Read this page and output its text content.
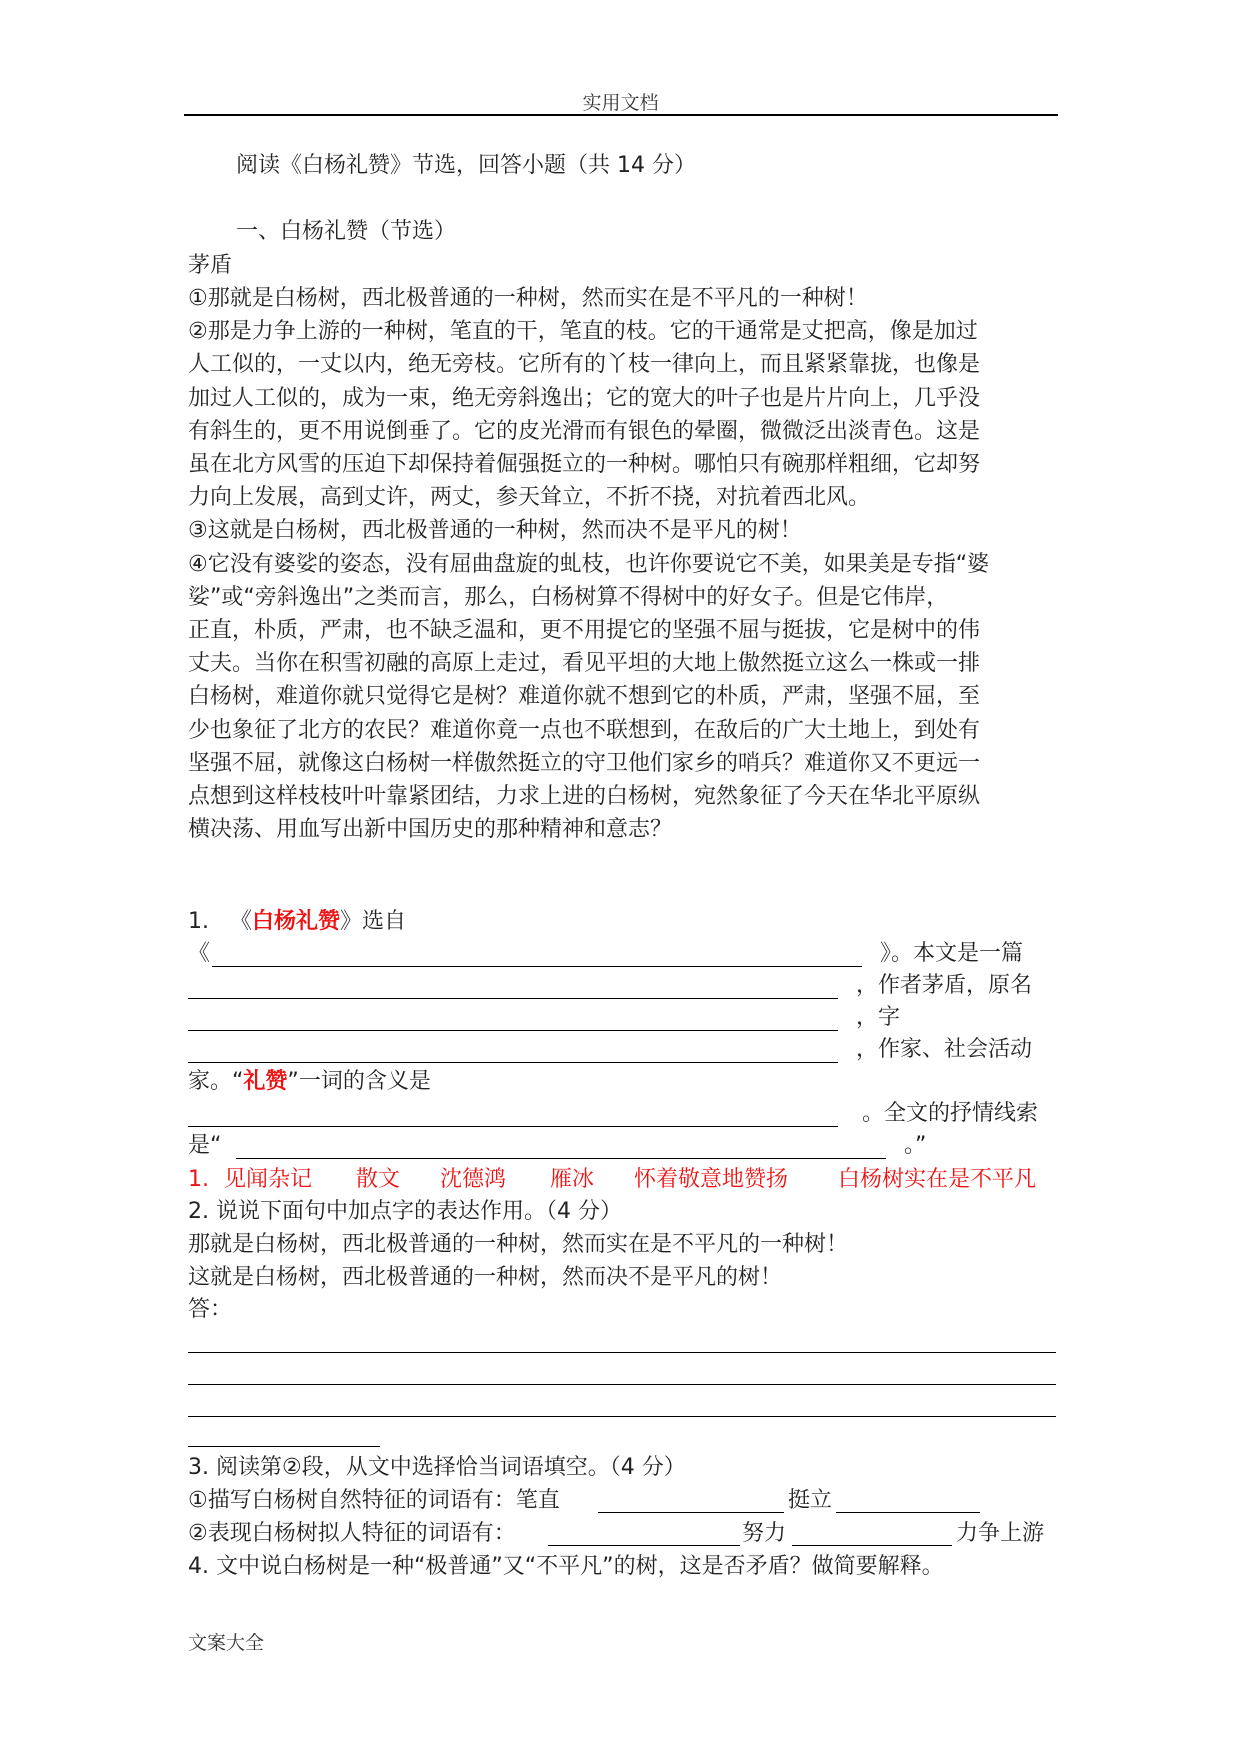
实用文档
阅读《白杨礼赞》节选，回答小题（共 14 分）
一、白杨礼赞（节选）
茅盾
①那就是白杨树，西北极普通的一种树，然而实在是不平凡的一种树！
②那是力争上游的一种树，笔直的干，笔直的枝。它的干通常是丈把高，像是加过
人工似的，一丈以内，绝无旁枝。它所有的丫枝一律向上，而且紧紧靠拢，也像是
加过人工似的，成为一束，绝无旁斜逸出；它的宽大的叶子也是片片向上，几乎没
有斜生的，更不用说倒垂了。它的皮光滑而有银色的晕圈，微微泛出淡青色。这是
虽在北方风雪的压迫下却保持着倔强挺立的一种树。哪怕只有碗那样粗细，它却努
力向上发展，高到丈许，两丈，参天耸立，不折不挠，对抗着西北风。
③这就是白杨树，西北极普通的一种树，然而决不是平凡的树！
④它没有婆娑的姿态，没有屈曲盘旋的虬枝，也许你要说它不美，如果美是专指“婆
娑”或“旁斜逸出”之类而言，那么，白杨树算不得树中的好女子。但是它伟岸，
正直，朴质，严肃，也不缺乏温和，更不用提它的坚强不屈与挺拔，它是树中的伟
丈夫。当你在积雪初融的高原上走过，看见平坦的大地上傲然挺立这么一株或一排
白杨树，难道你就只觉得它是树？难道你就不想到它的朴质，严肃，坚强不屈，至
少也象征了北方的农民？难道你竟一点也不联想到，在敌后的广大土地上，到处有
坚强不屈，就像这白杨树一样傲然挺立的守卫他们家乡的哨兵？难道你又不更远一
点想到这样枝枝叶叶靠紧团结，力求上进的白杨树，宛然象征了今天在华北平原纵
横决荡、用血写出新中国历史的那种精神和意志？
1. 《白杨礼赞》选自
《	》。本文是一篇
，作者茅盾，原名
，字
，作家、社会活动
家。“礼赞”一词的含义是
。全文的抒情线索
是“	。”
1. 见闻杂记 散文 沈德鸿 雁冰 怀着敬意地赞扬 白杨树实在是不平凡
2. 说说下面句中加点字的表达作用。（4 分）
那就是白杨树，西北极普通的一种树，然而实在是不平凡的一种树！
这就是白杨树，西北极普通的一种树，然而决不是平凡的树！
答：
3. 阅读第②段，从文中选择恰当词语填空。（4 分）
①描写白杨树自然特征的词语有：笔直	挺立
②表现白杨树拟人特征的词语有：	努力	力争上游
4. 文中说白杨树是一种“极普通”又“不平凡”的树，这是否矛盾？做简要解释。
文案大全
